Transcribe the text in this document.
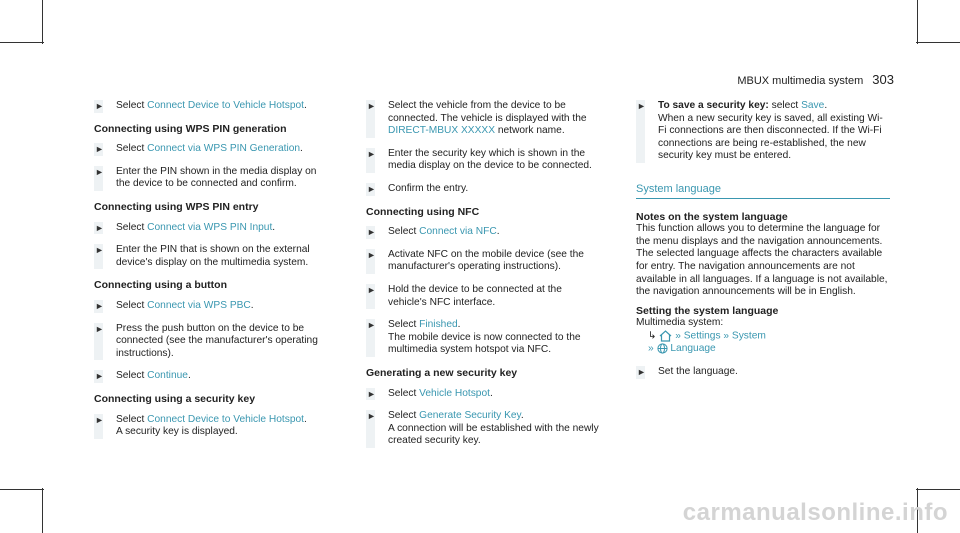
MBUX multimedia system 303
► Select Connect Device to Vehicle Hotspot.
Connecting using WPS PIN generation
► Select Connect via WPS PIN Generation.
► Enter the PIN shown in the media display on the device to be connected and confirm.
Connecting using WPS PIN entry
► Select Connect via WPS PIN Input.
► Enter the PIN that is shown on the external device's display on the multimedia system.
Connecting using a button
► Select Connect via WPS PBC.
► Press the push button on the device to be connected (see the manufacturer's operating instructions).
► Select Continue.
Connecting using a security key
► Select Connect Device to Vehicle Hotspot.
A security key is displayed.
► Select the vehicle from the device to be connected. The vehicle is displayed with the DIRECT-MBUX XXXXX network name.
► Enter the security key which is shown in the media display on the device to be connected.
► Confirm the entry.
Connecting using NFC
► Select Connect via NFC.
► Activate NFC on the mobile device (see the manufacturer's operating instructions).
► Hold the device to be connected at the vehicle's NFC interface.
► Select Finished.
The mobile device is now connected to the multimedia system hotspot via NFC.
Generating a new security key
► Select Vehicle Hotspot.
► Select Generate Security Key.
A connection will be established with the newly created security key.
► To save a security key: select Save.
When a new security key is saved, all existing Wi-Fi connections are then disconnected. If the Wi-Fi connections are being re-established, the new security key must be entered.
System language
Notes on the system language
This function allows you to determine the language for the menu displays and the navigation announcements. The selected language affects the characters available for entry. The navigation announcements are not available in all languages. If a language is not available, the navigation announcements will be in English.
Setting the system language
Multimedia system:
↳ » Settings » System
» Language
► Set the language.
carmanualsonline.info
